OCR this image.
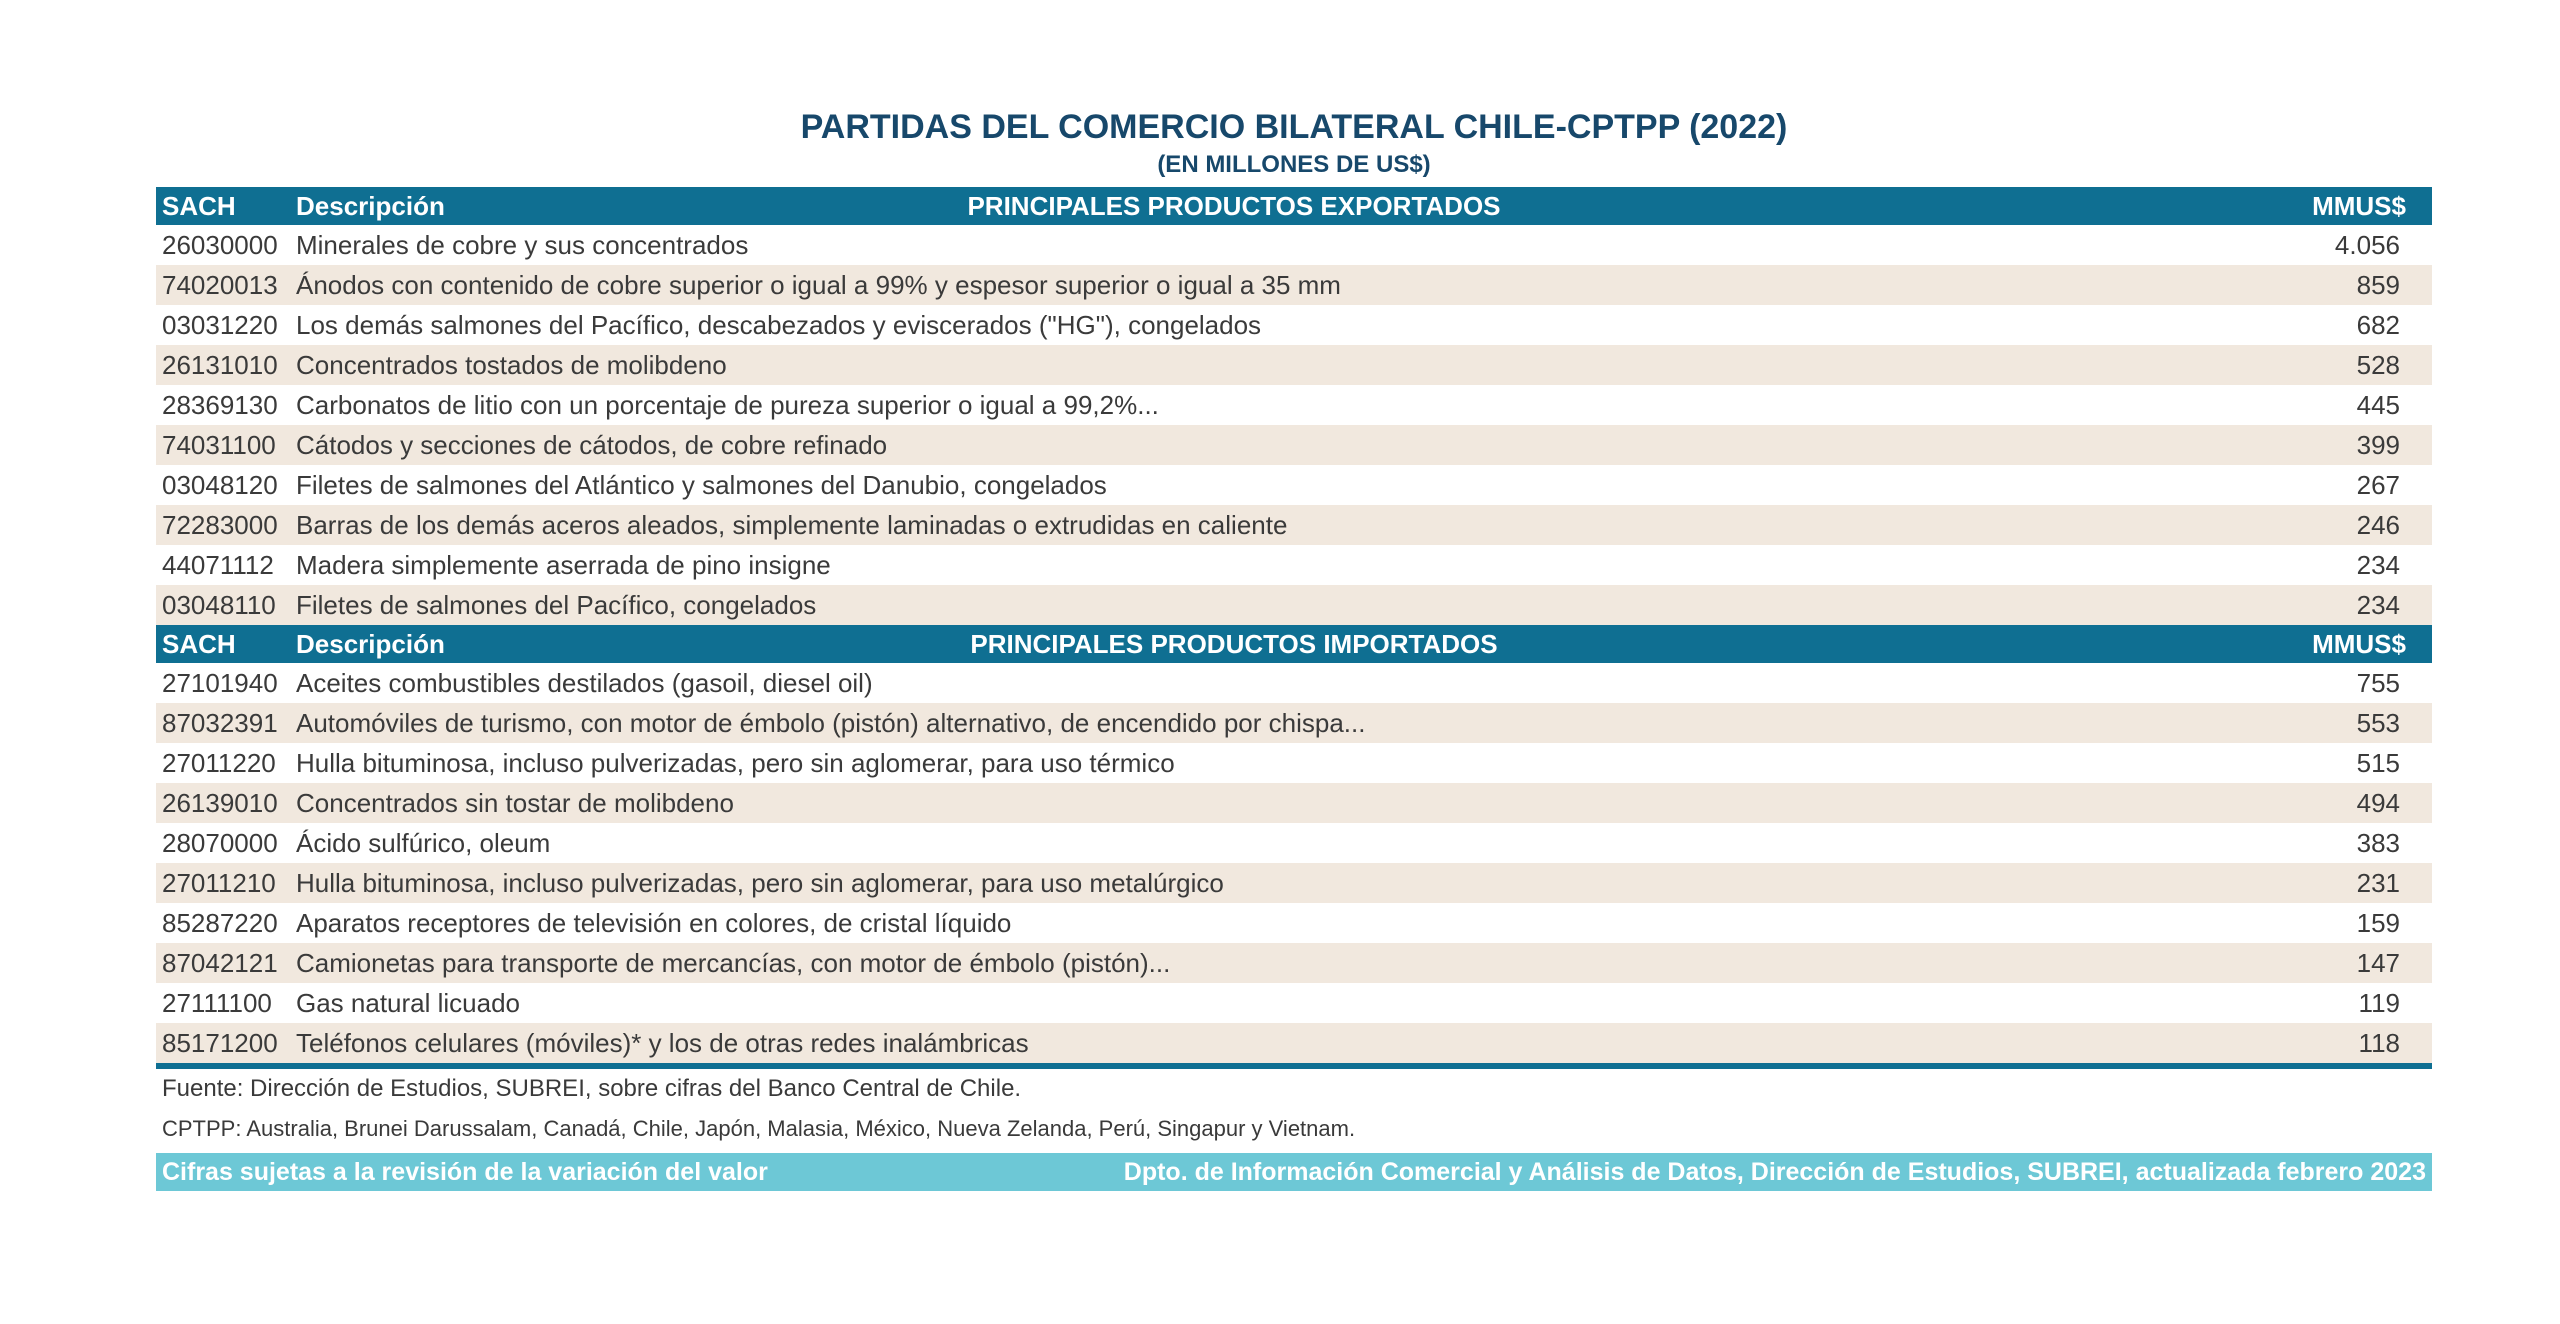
PARTIDAS DEL COMERCIO BILATERAL CHILE-CPTPP (2022)
(EN MILLONES DE US$)
SACH	Descripción	PRINCIPALES PRODUCTOS EXPORTADOS	MMUS$
26030000 Minerales de cobre y sus concentrados	4.056
74020013 Ánodos con contenido de cobre superior o igual a 99% y espesor superior o igual a 35 mm	859
03031220 Los demás salmones del Pacífico, descabezados y eviscerados ("HG"), congelados	682
26131010 Concentrados tostados de molibdeno	528
28369130 Carbonatos de litio con un porcentaje de pureza superior o igual a 99,2%...	445
74031100 Cátodos y secciones de cátodos, de cobre refinado	399
03048120 Filetes de salmones del Atlántico y salmones del Danubio, congelados	267
72283000 Barras de los demás aceros aleados, simplemente laminadas o extrudidas en caliente	246
44071112 Madera simplemente aserrada de pino insigne	234
03048110 Filetes de salmones del Pacífico, congelados	234
SACH	Descripción	PRINCIPALES PRODUCTOS IMPORTADOS	MMUS$
27101940 Aceites combustibles destilados (gasoil, diesel oil)	755
87032391 Automóviles de turismo, con motor de émbolo (pistón) alternativo, de encendido por chispa...	553
27011220 Hulla bituminosa, incluso pulverizadas, pero sin aglomerar, para uso térmico	515
26139010 Concentrados sin tostar de molibdeno	494
28070000 Ácido sulfúrico, oleum	383
27011210 Hulla bituminosa, incluso pulverizadas, pero sin aglomerar, para uso metalúrgico	231
85287220 Aparatos receptores de televisión en colores, de cristal líquido	159
87042121 Camionetas para transporte de mercancías, con motor de émbolo (pistón)...	147
27111100 Gas natural licuado	119
85171200 Teléfonos celulares (móviles)* y los de otras redes inalámbricas	118
Fuente: Dirección de Estudios, SUBREI, sobre cifras del Banco Central de Chile.
CPTPP: Australia, Brunei Darussalam, Canadá, Chile, Japón, Malasia, México, Nueva Zelanda, Perú, Singapur y Vietnam.
Cifras sujetas a la revisión de la variación del valor	Dpto. de Información Comercial y Análisis de Datos, Dirección de Estudios, SUBREI, actualizada febrero 2023
